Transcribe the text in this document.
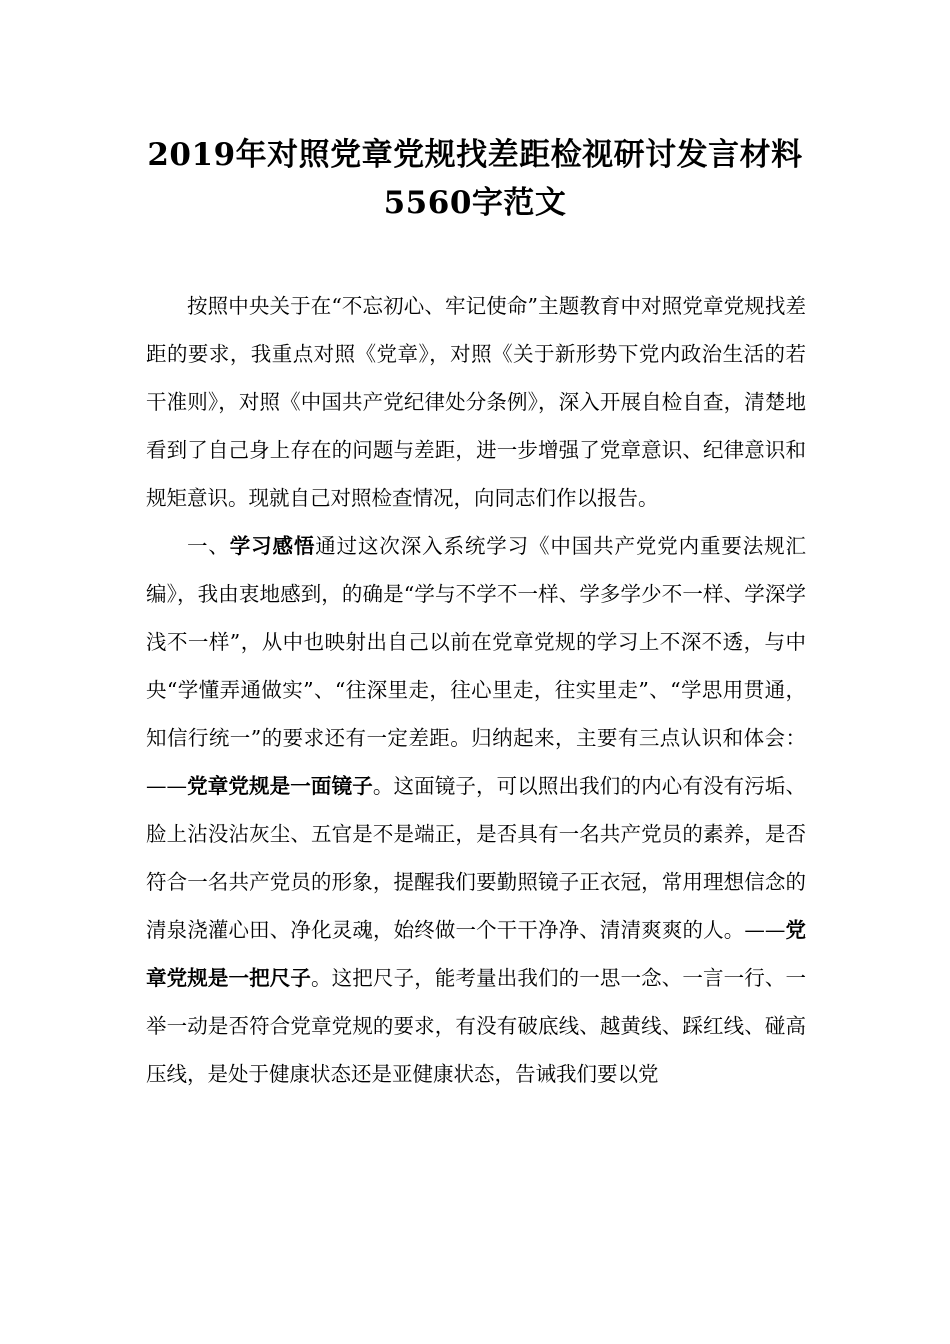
2019年对照党章党规找差距检视研讨发言材料
5560字范文

按照中央关于在“不忘初心、牢记使命”主题教育中对照党章党规找差距的要求，我重点对照《党章》，对照《关于新形势下党内政治生活的若干准则》，对照《中国共产党纪律处分条例》，深入开展自检自查，清楚地看到了自己身上存在的问题与差距，进一步增强了党章意识、纪律意识和规矩意识。现就自己对照检查情况，向同志们作以报告。

一、学习感悟通过这次深入系统学习《中国共产党党内重要法规汇编》，我由衷地感到，的确是“学与不学不一样、学多学少不一样、学深学浅不一样”，从中也映射出自己以前在党章党规的学习上不深不透，与中央“学懂弄通做实”、“往深里走，往心里走，往实里走”、“学思用贯通，知信行统一”的要求还有一定差距。归纳起来，主要有三点认识和体会：——党章党规是一面镜子。这面镜子，可以照出我们的内心有没有污垢、脸上沾没沾灰尘、五官是不是端正，是否具有一名共产党员的素养，是否符合一名共产党员的形象，提醒我们要勤照镜子正衣冠，常用理想信念的清泉浇灌心田、净化灵魂，始终做一个干干净净、清清爽爽的人。——党章党规是一把尺子。这把尺子，能考量出我们的一思一念、一言一行、一举一动是否符合党章党规的要求，有没有破底线、越黄线、踩红线、碰高压线，是处于健康状态还是亚健康状态，告诫我们要以党
